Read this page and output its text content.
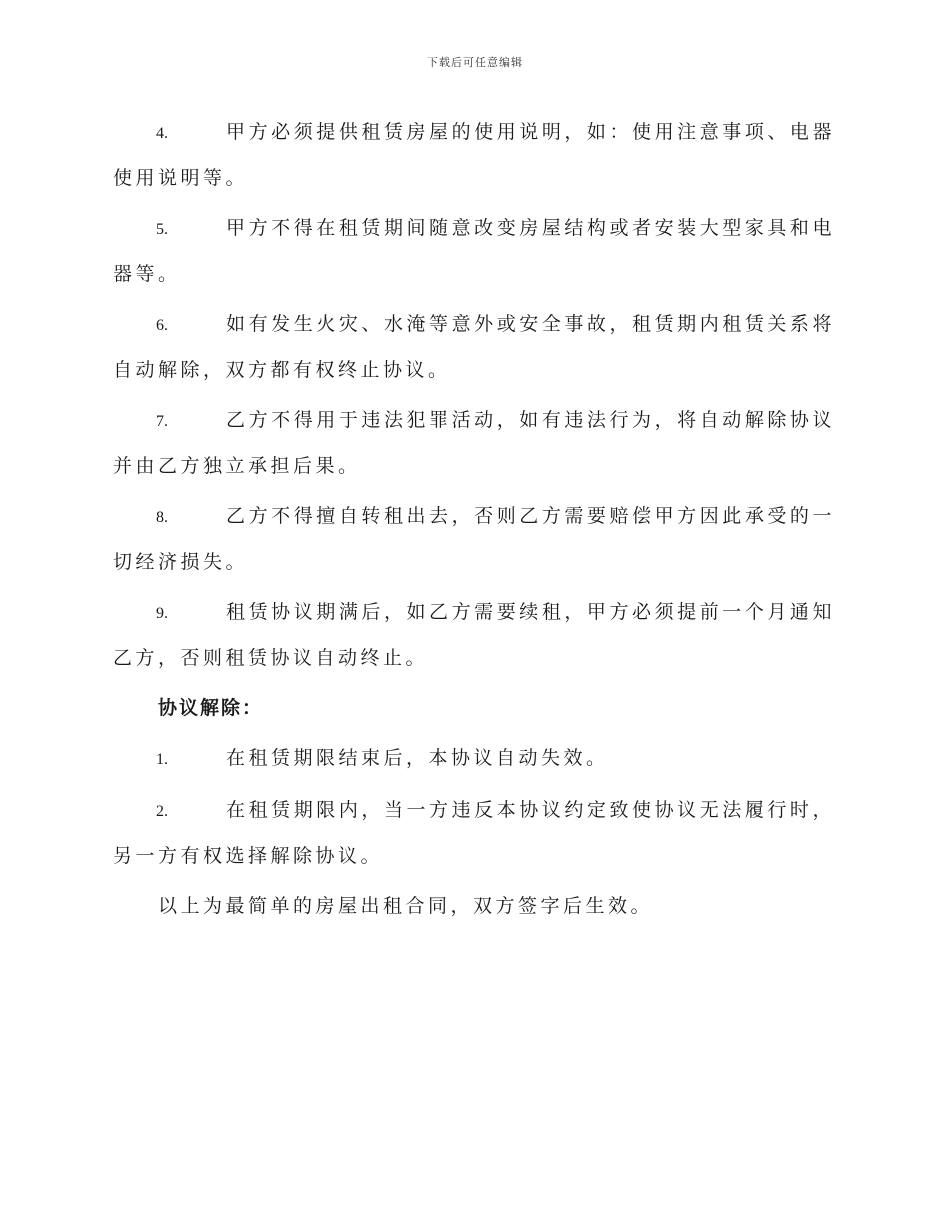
下载后可任意编辑

4.	甲方必须提供租赁房屋的使用说明，如：使用注意事项、电器使用说明等。

5.	甲方不得在租赁期间随意改变房屋结构或者安装大型家具和电器等。

6.	如有发生火灾、水淹等意外或安全事故，租赁期内租赁关系将自动解除，双方都有权终止协议。

7.	乙方不得用于违法犯罪活动，如有违法行为，将自动解除协议并由乙方独立承担后果。

8.	乙方不得擅自转租出去，否则乙方需要赔偿甲方因此承受的一切经济损失。

9.	租赁协议期满后，如乙方需要续租，甲方必须提前一个月通知乙方，否则租赁协议自动终止。

协议解除：

1.	在租赁期限结束后，本协议自动失效。

2.	在租赁期限内，当一方违反本协议约定致使协议无法履行时，另一方有权选择解除协议。

以上为最简单的房屋出租合同，双方签字后生效。
